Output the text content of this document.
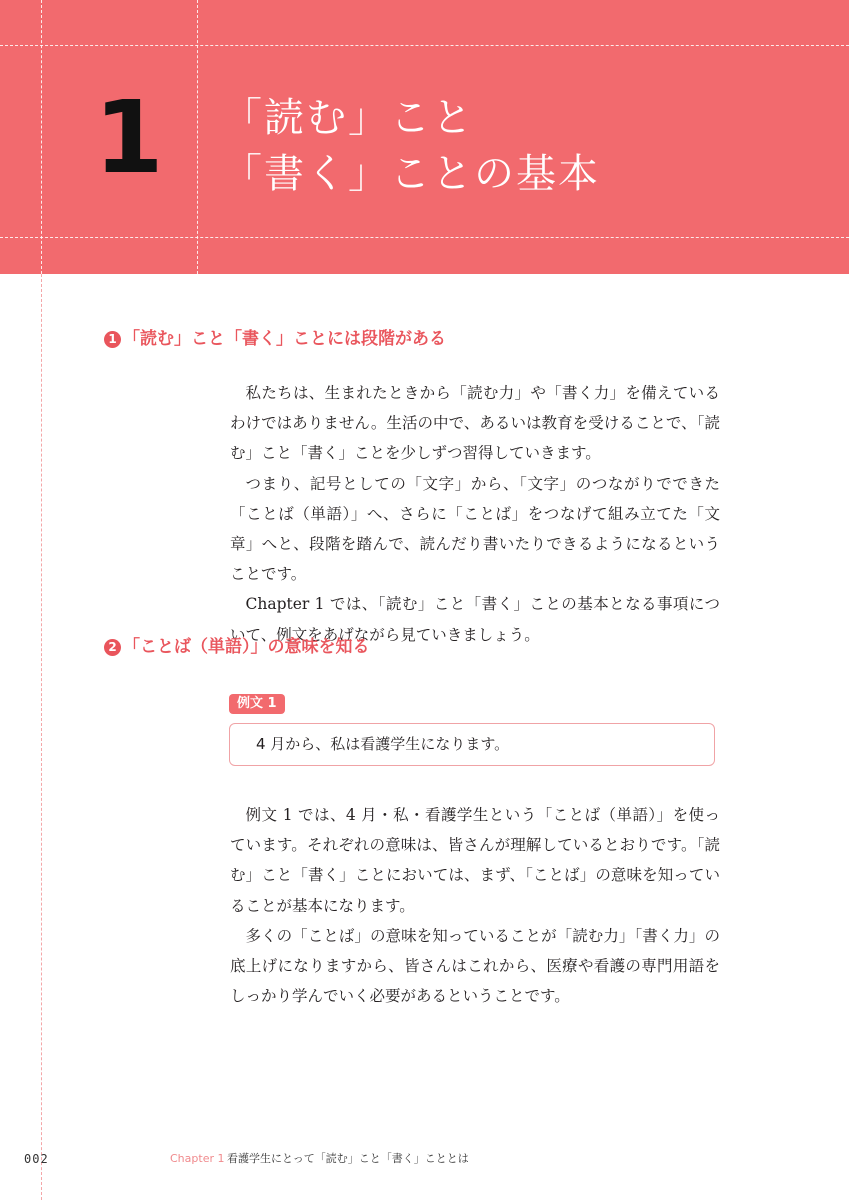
1 「読む」こと
「書く」ことの基本
1 「読む」こと「書く」ことには段階がある

私たちは、生まれたときから「読む力」や「書く力」を備えているわけではありません。生活の中で、あるいは教育を受けることで、「読む」こと「書く」ことを少しずつ習得していきます。

つまり、記号としての「文字」から、「文字」のつながりでできた「ことば（単語）」へ、さらに「ことば」をつなげて組み立てた「文章」へと、段階を踏んで、読んだり書いたりできるようになるということです。

Chapter 1 では、「読む」こと「書く」ことの基本となる事項について、例文をあげながら見ていきましょう。

2 「ことば（単語）」の意味を知る
例文 1
4 月から、私は看護学生になります。

例文 1 では、4 月・私・看護学生という「ことば（単語）」を使っています。それぞれの意味は、皆さんが理解しているとおりです。「読む」こと「書く」ことにおいては、まず、「ことば」の意味を知っていることが基本になります。

多くの「ことば」の意味を知っていることが「読む力」「書く力」の底上げになりますから、皆さんはこれから、医療や看護の専門用語をしっかり学んでいく必要があるということです。

002	Chapter 1 看護学生にとって「読む」こと「書く」こととは
